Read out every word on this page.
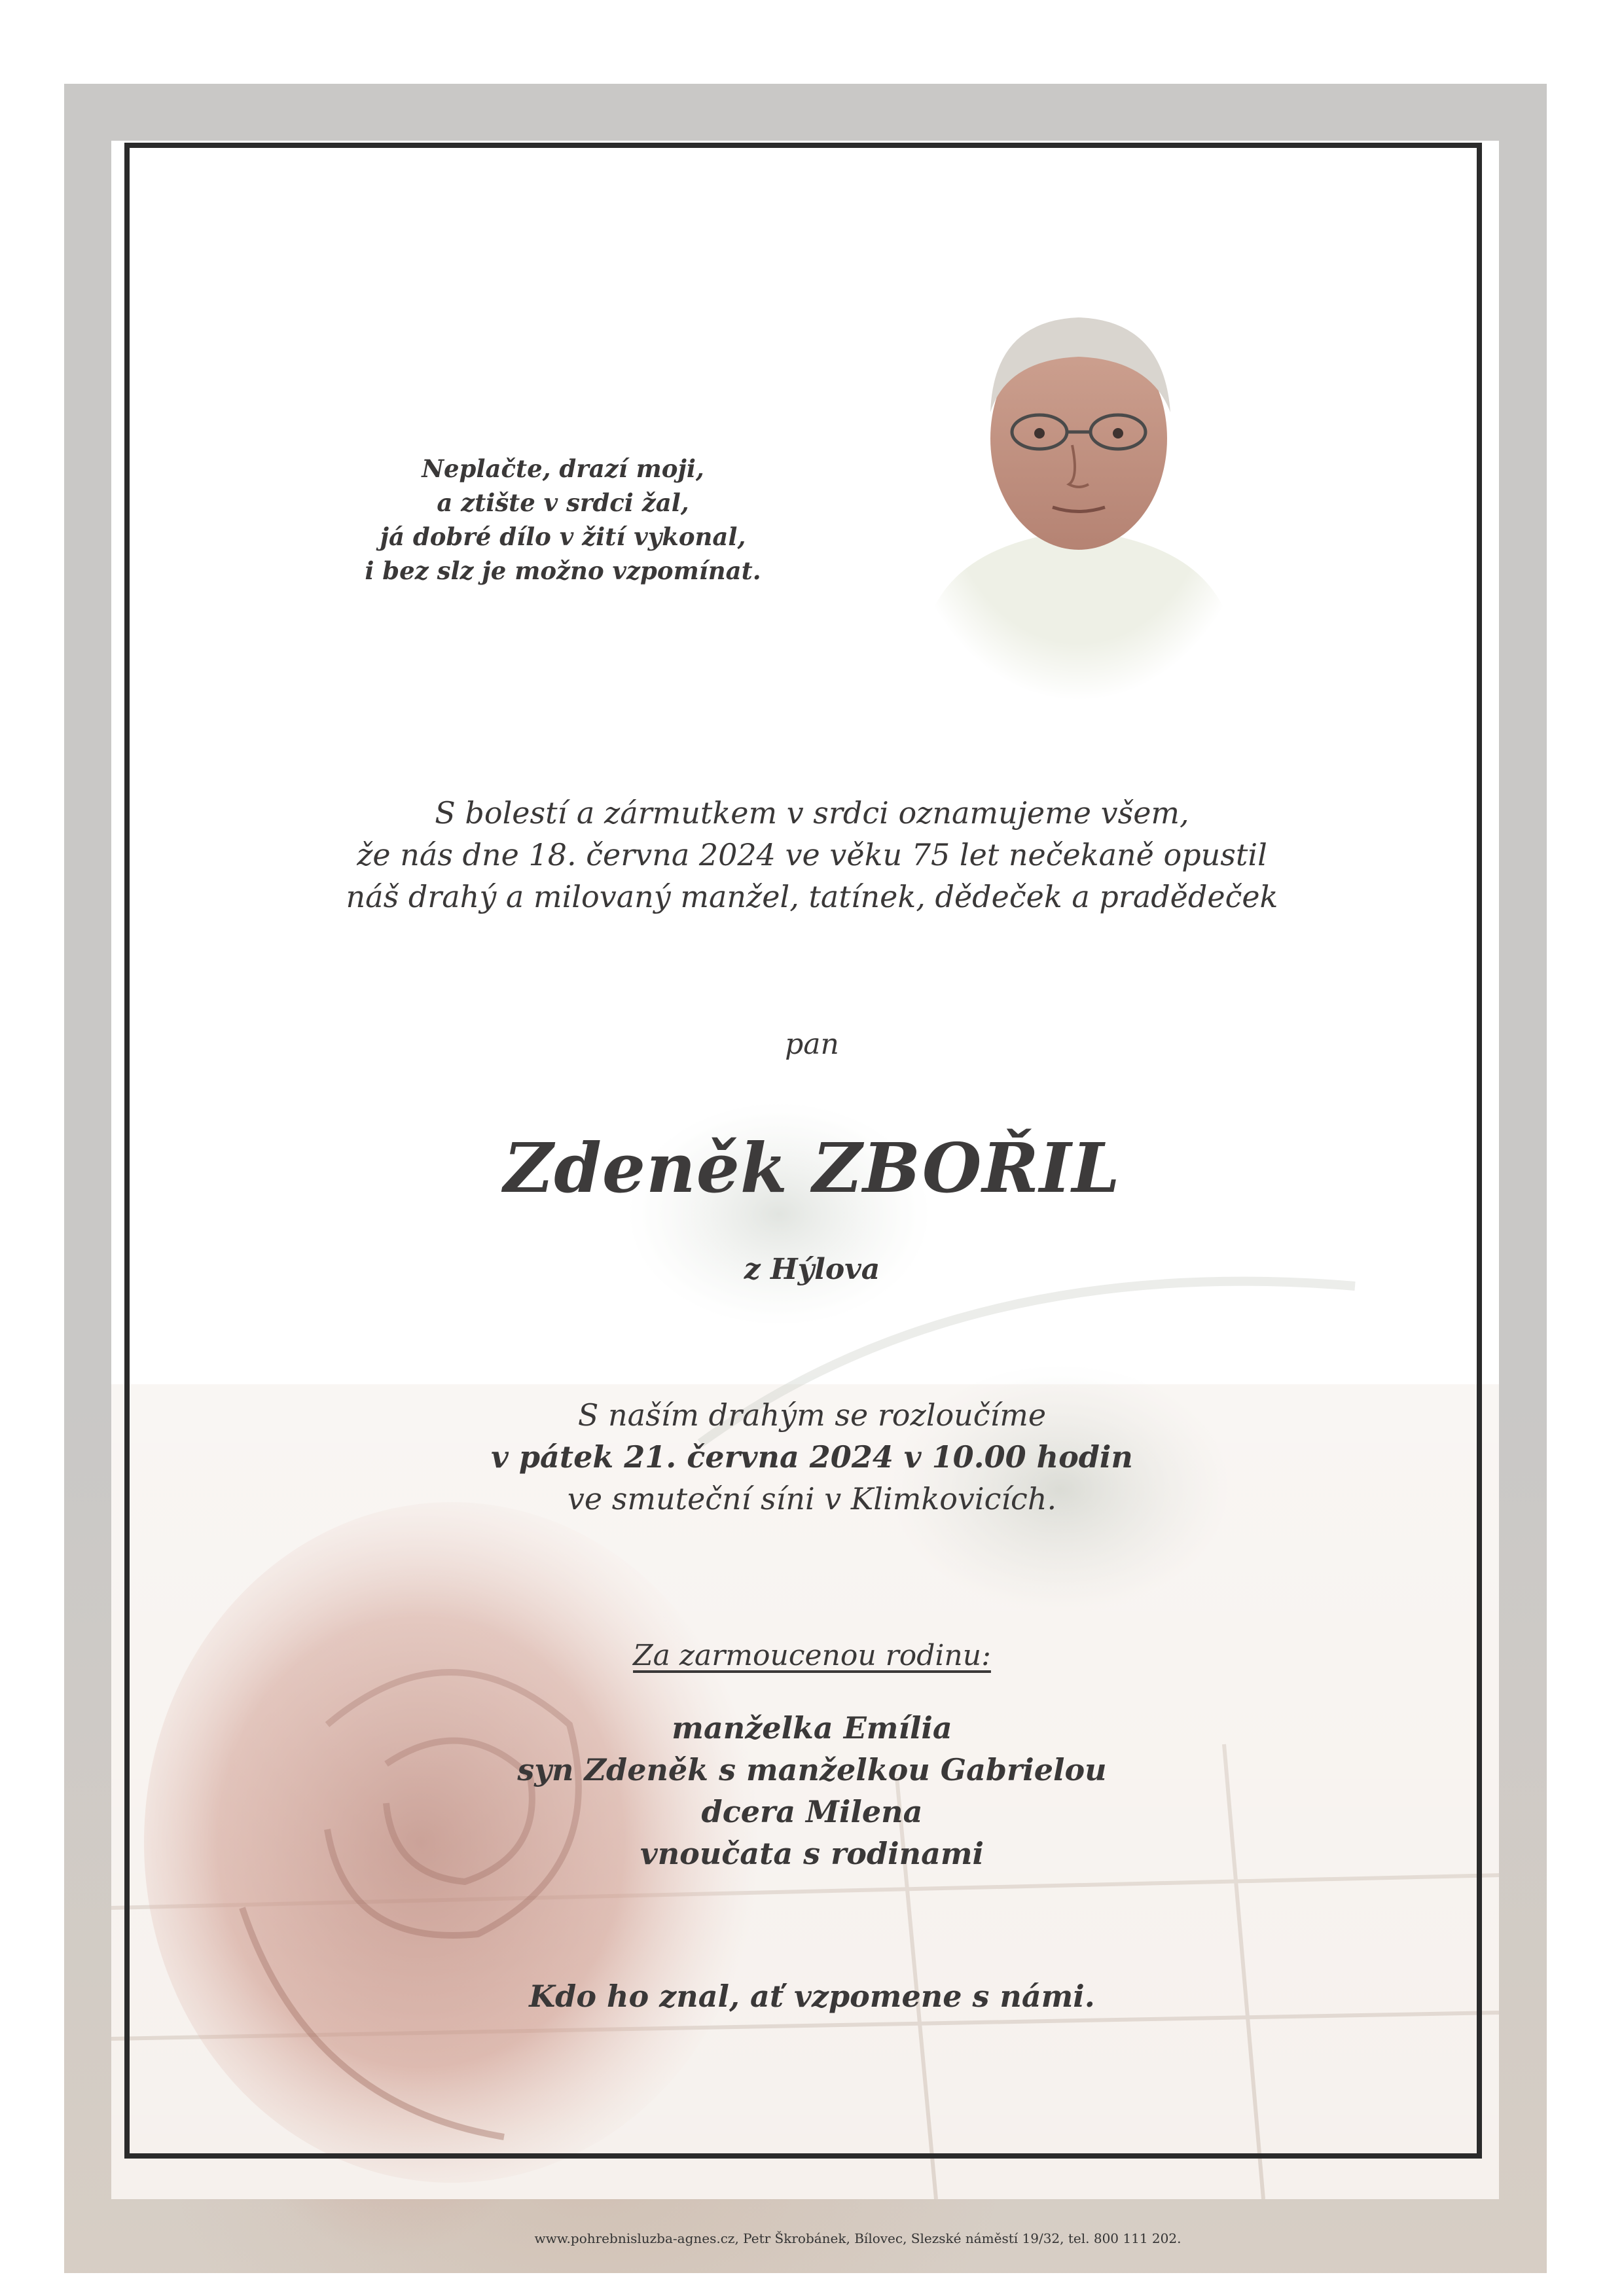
Neplačte, drazí moji,
a ztište v srdci žal,
já dobré dílo v žití vykonal,
i bez slz je možno vzpomínat.
S bolestí a zármutkem v srdci oznamujeme všem,
že nás dne 18. června 2024 ve věku 75 let nečekaně opustil
náš drahý a milovaný manžel, tatínek, dědeček a pradědeček
pan
Zdeněk ZBOŘIL
z Hýlova
S naším drahým se rozloučíme
v pátek 21. června 2024 v 10.00 hodin
ve smuteční síni v Klimkovicích.
Za zarmoucenou rodinu:
manželka Emília
syn Zdeněk s manželkou Gabrielou
dcera Milena
vnoučata s rodinami
Kdo ho znal, ať vzpomene s námi.
www.pohrebnisluzba-agnes.cz, Petr Škrobánek, Bílovec, Slezské náměstí 19/32, tel. 800 111 202.
